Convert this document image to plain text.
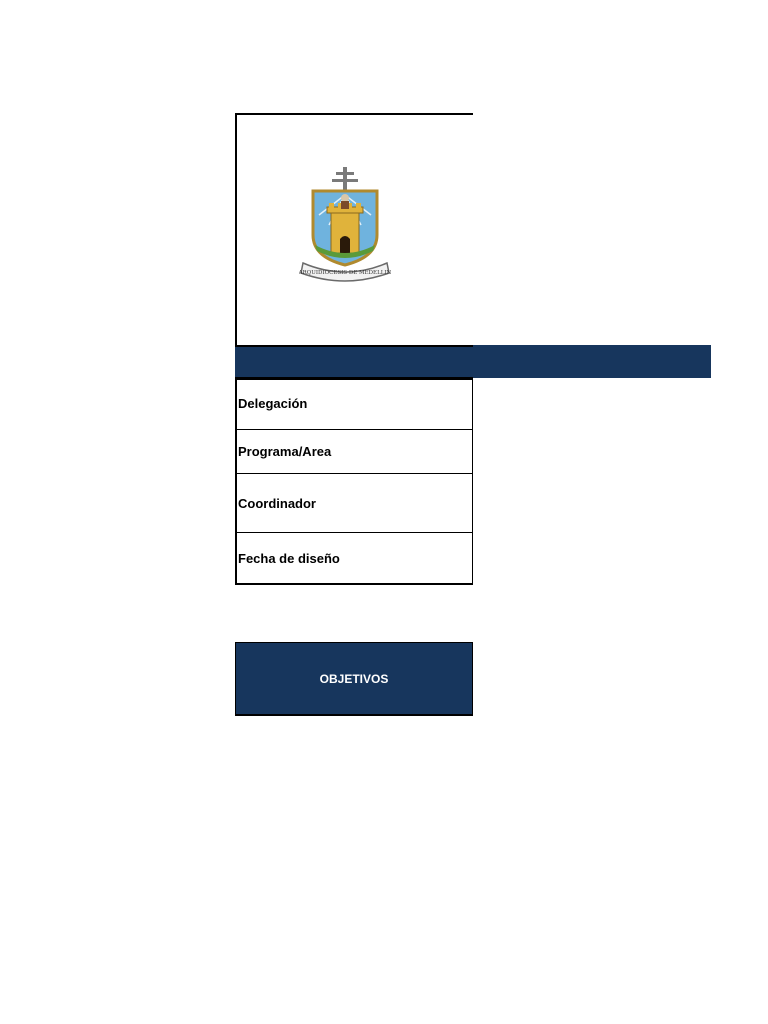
ARQUIDIOCESIS DE MEDELLIN
Delegación
Programa/Area
Coordinador
Fecha de diseño
OBJETIVOS
